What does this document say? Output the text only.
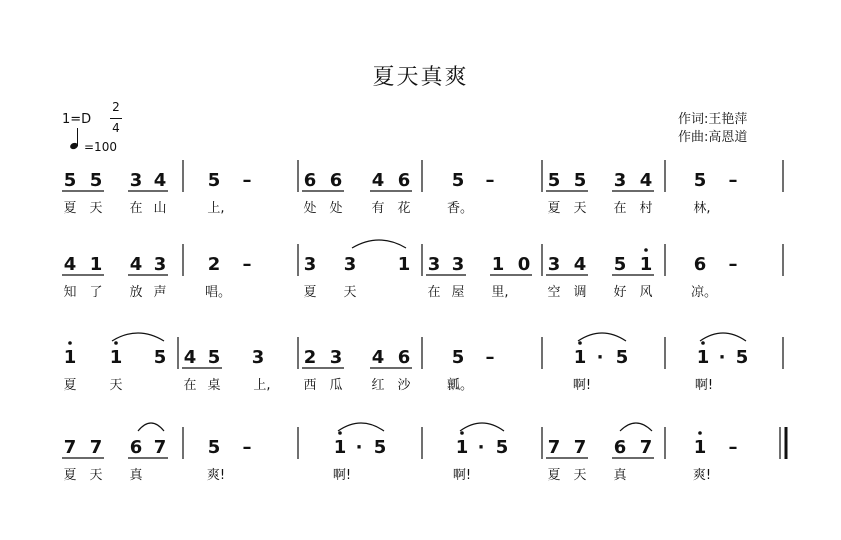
夏天真爽
作词:王艳萍
作曲:高恩道
1=D
2
4
=100
5 5 3 4 5 –	6 6 4 6 5 –	5 5 3 4 5 –
夏 天 在 山	上,	处 处 有 花	香。	夏 天 在 村	林,
4 1 4 3 2 –	3 3 1 3 3 1 0 3 4 5 1 6 –
知 了 放 声	唱。	夏 天	在 屋 里,	空 调 好 风	凉。
1 1 5 4 5 3 2 3 4 6 5 –	1 · 5	1 · 5
夏	天	在 桌	上,	西 瓜 红 沙	瓤。	啊!	啊!
7 7 6 7 5 –	1 · 5	1 · 5 7 7 6 7 1 –
夏 天 真	爽!	啊!	啊!	夏 天 真	爽!
